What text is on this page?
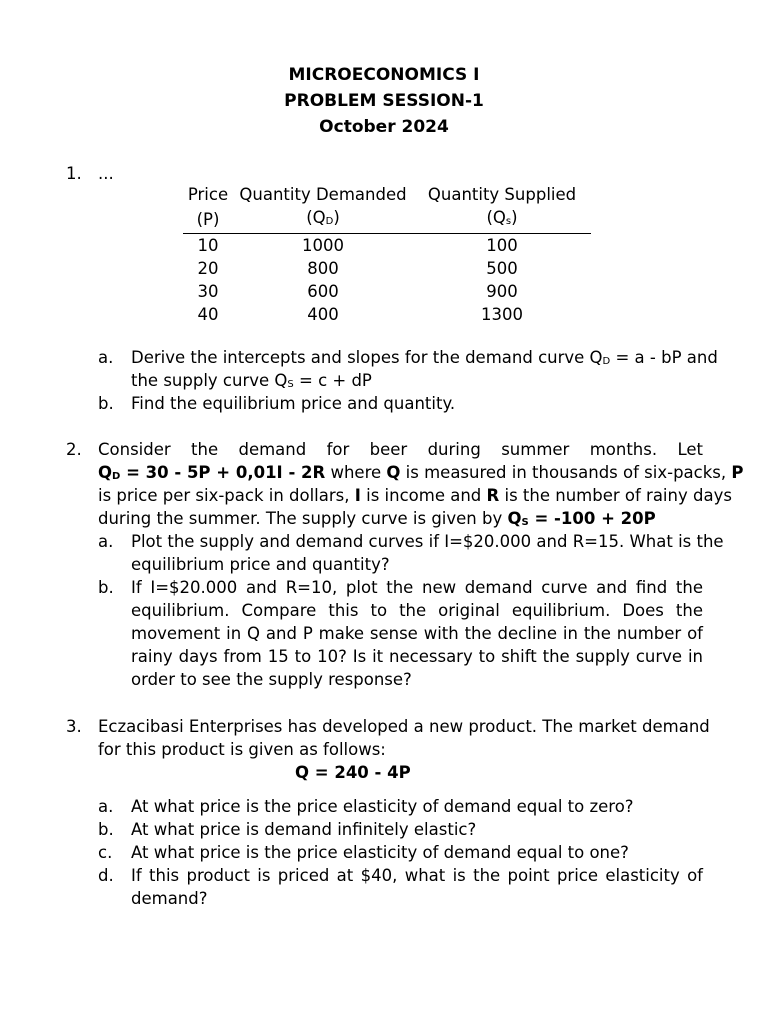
MICROECONOMICS I
PROBLEM SESSION-1
October 2024
1. ...
Price	Quantity Demanded	Quantity Supplied
(P)	(QD)	(Qs)
10	1000	100
20	800	500
30	600	900
40	400	1300
a. Derive the intercepts and slopes for the demand curve QD = a - bP and
the supply curve QS = c + dP
b. Find the equilibrium price and quantity.
2. Consider the demand for beer during summer months. Let
QD = 30 - 5P + 0,01I - 2R where Q is measured in thousands of six-packs, P
is price per six-pack in dollars, I is income and R is the number of rainy days
during the summer. The supply curve is given by QS = -100 + 20P
a. Plot the supply and demand curves if I=$20.000 and R=15. What is the
equilibrium price and quantity?
b. If I=$20.000 and R=10, plot the new demand curve and find the
equilibrium. Compare this to the original equilibrium. Does the
movement in Q and P make sense with the decline in the number of
rainy days from 15 to 10? Is it necessary to shift the supply curve in
order to see the supply response?
3. Eczacibasi Enterprises has developed a new product. The market demand
for this product is given as follows:
Q = 240 - 4P
a. At what price is the price elasticity of demand equal to zero?
b. At what price is demand infinitely elastic?
c. At what price is the price elasticity of demand equal to one?
d. If this product is priced at $40, what is the point price elasticity of
demand?
